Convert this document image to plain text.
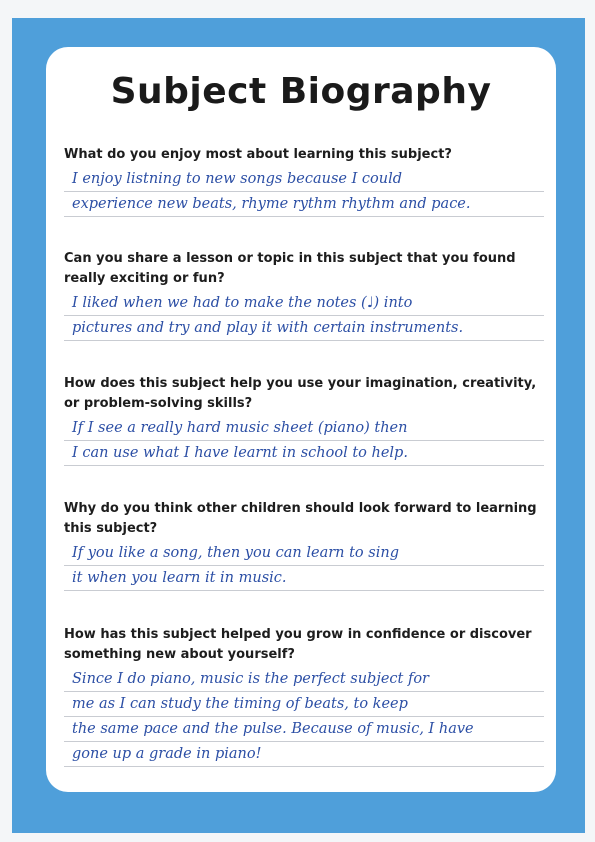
Subject Biography
What do you enjoy most about learning this subject?
I enjoy listning to new songs because I could
experience new beats, rhyme rythm rhythm and pace.
Can you share a lesson or topic in this subject that you found really exciting or fun?
I liked when we had to make the notes (♩) into
pictures and try and play it with certain instruments.
How does this subject help you use your imagination, creativity, or problem-solving skills?
If I see a really hard music sheet (piano) then
I can use what I have learnt in school to help.
Why do you think other children should look forward to learning this subject?
If you like a song, then you can learn to sing
it when you learn it in music.
How has this subject helped you grow in confidence or discover something new about yourself?
Since I do piano, music is the perfect subject for
me as I can study the timing of beats, to keep
the same pace and the pulse. Because of music, I have
gone up a grade in piano!
